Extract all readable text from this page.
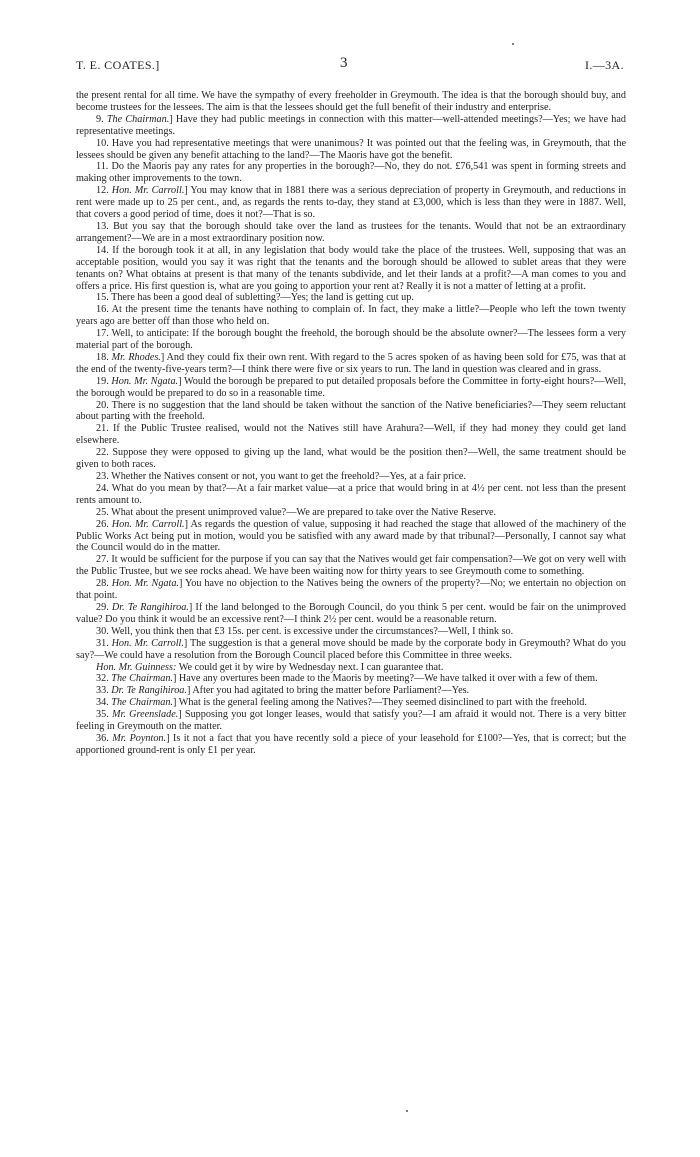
T. E. COATES.]	3	I.—3A.

the present rental for all time. We have the sympathy of every freeholder in Greymouth. The idea is that the borough should buy, and become trustees for the lessees. The aim is that the lessees should get the full benefit of their industry and enterprise.

9. The Chairman.] Have they had public meetings in connection with this matter—well-attended meetings?—Yes; we have had representative meetings.

10. Have you had representative meetings that were unanimous? It was pointed out that the feeling was, in Greymouth, that the lessees should be given any benefit attaching to the land?—The Maoris have got the benefit.

11. Do the Maoris pay any rates for any properties in the borough?—No, they do not. £76,541 was spent in forming streets and making other improvements to the town.

12. Hon. Mr. Carroll.] You may know that in 1881 there was a serious depreciation of property in Greymouth, and reductions in rent were made up to 25 per cent., and, as regards the rents to-day, they stand at £3,000, which is less than they were in 1887. Well, that covers a good period of time, does it not?—That is so.

13. But you say that the borough should take over the land as trustees for the tenants. Would that not be an extraordinary arrangement?—We are in a most extraordinary position now.

14. If the borough took it at all, in any legislation that body would take the place of the trustees. Well, supposing that was an acceptable position, would you say it was right that the tenants and the borough should be allowed to sublet areas that they were tenants on? What obtains at present is that many of the tenants subdivide, and let their lands at a profit?—A man comes to you and offers a price. His first question is, what are you going to apportion your rent at? Really it is not a matter of letting at a profit.

15. There has been a good deal of subletting?—Yes; the land is getting cut up.

16. At the present time the tenants have nothing to complain of. In fact, they make a little?—People who left the town twenty years ago are better off than those who held on.

17. Well, to anticipate: If the borough bought the freehold, the borough should be the absolute owner?—The lessees form a very material part of the borough.

18. Mr. Rhodes.] And they could fix their own rent. With regard to the 5 acres spoken of as having been sold for £75, was that at the end of the twenty-five-years term?—I think there were five or six years to run. The land in question was cleared and in grass.

19. Hon. Mr. Ngata.] Would the borough be prepared to put detailed proposals before the Committee in forty-eight hours?—Well, the borough would be prepared to do so in a reasonable time.

20. There is no suggestion that the land should be taken without the sanction of the Native beneficiaries?—They seem reluctant about parting with the freehold.

21. If the Public Trustee realised, would not the Natives still have Arahura?—Well, if they had money they could get land elsewhere.

22. Suppose they were opposed to giving up the land, what would be the position then?—Well, the same treatment should be given to both races.

23. Whether the Natives consent or not, you want to get the freehold?—Yes, at a fair price.

24. What do you mean by that?—At a fair market value—at a price that would bring in at 4½ per cent. not less than the present rents amount to.

25. What about the present unimproved value?—We are prepared to take over the Native Reserve.

26. Hon. Mr. Carroll.] As regards the question of value, supposing it had reached the stage that allowed of the machinery of the Public Works Act being put in motion, would you be satisfied with any award made by that tribunal?—Personally, I cannot say what the Council would do in the matter.

27. It would be sufficient for the purpose if you can say that the Natives would get fair compensation?—We got on very well with the Public Trustee, but we see rocks ahead. We have been waiting now for thirty years to see Greymouth come to something.

28. Hon. Mr. Ngata.] You have no objection to the Natives being the owners of the property?—No; we entertain no objection on that point.

29. Dr. Te Rangihiroa.] If the land belonged to the Borough Council, do you think 5 per cent. would be fair on the unimproved value? Do you think it would be an excessive rent?—I think 2½ per cent. would be a reasonable return.

30. Well, you think then that £3 15s. per cent. is excessive under the circumstances?—Well, I think so.

31. Hon. Mr. Carroll.] The suggestion is that a general move should be made by the corporate body in Greymouth? What do you say?—We could have a resolution from the Borough Council placed before this Committee in three weeks.

Hon. Mr. Guinness: We could get it by wire by Wednesday next. I can guarantee that.

32. The Chairman.] Have any overtures been made to the Maoris by meeting?—We have talked it over with a few of them.

33. Dr. Te Rangihiroa.] After you had agitated to bring the matter before Parliament?—Yes.

34. The Chairman.] What is the general feeling among the Natives?—They seemed disinclined to part with the freehold.

35. Mr. Greenslade.] Supposing you got longer leases, would that satisfy you?—I am afraid it would not. There is a very bitter feeling in Greymouth on the matter.

36. Mr. Poynton.] Is it not a fact that you have recently sold a piece of your leasehold for £100?—Yes, that is correct; but the apportioned ground-rent is only £1 per year.
